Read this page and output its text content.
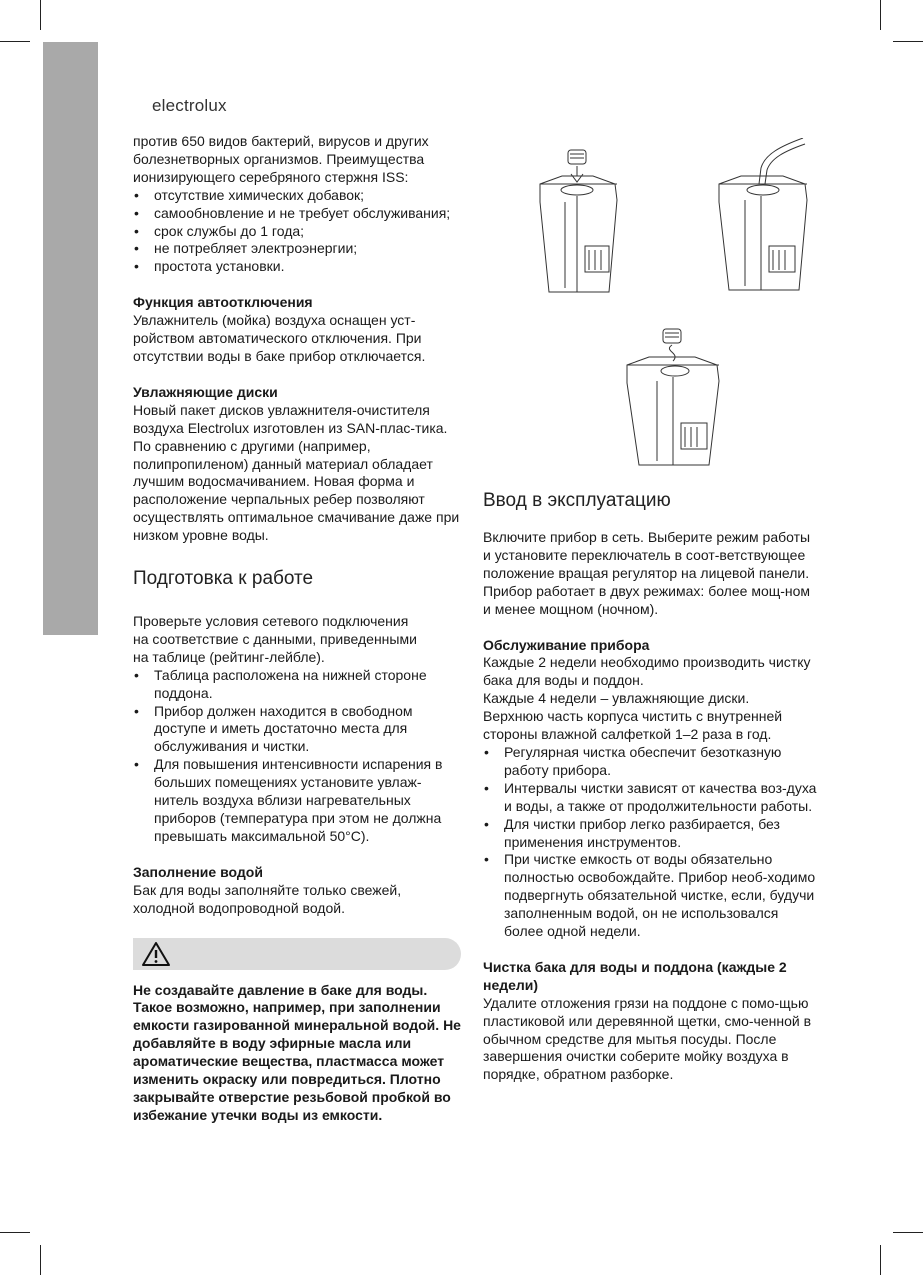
electrolux

против 650 видов бактерий, вирусов и других болезнетворных организмов. Преимущества ионизирующего серебряного стержня ISS:

• отсутствие химических добавок;
• самообновление и не требует обслуживания;
• срок службы до 1 года;
• не потребляет электроэнергии;
• простота установки.
Функция автоотключения

Увлажнитель (мойка) воздуха оснащен уст-ройством автоматического отключения. При отсутствии воды в баке прибор отключается.

Увлажняющие диски

Новый пакет дисков увлажнителя-очистителя воздуха Electrolux изготовлен из SAN-плас-тика. По сравнению с другими (например, полипропиленом) данный материал обладает лучшим водосмачиванием. Новая форма и расположение черпальных ребер позволяют осуществлять оптимальное смачивание даже при низком уровне воды.

Подготовка к работе

Проверьте условия сетевого подключения на соответствие с данными, приведенными на таблице (рейтинг-лейбле).

• Таблица расположена на нижней стороне поддона.
• Прибор должен находится в свободном доступе и иметь достаточно места для обслуживания и чистки.
• Для повышения интенсивности испарения в больших помещениях установите увлаж-нитель воздуха вблизи нагревательных приборов (температура при этом не должна превышать максимальной 50°C).
Заполнение водой

Бак для воды заполняйте только свежей, холодной водопроводной водой.

Не создавайте давление в баке для воды. Такое возможно, например, при заполнении емкости газированной минеральной водой. Не добавляйте в воду эфирные масла или ароматические вещества, пластмасса может изменить окраску или повредиться. Плотно закрывайте отверстие резьбовой пробкой во избежание утечки воды из емкости.

Ввод в эксплуатацию

Включите прибор в сеть. Выберите режим работы и установите переключатель в соот-ветствующее положение вращая регулятор на лицевой панели.

Прибор работает в двух режимах: более мощ-ном и менее мощном (ночном).

Обслуживание прибора

Каждые 2 недели необходимо производить чистку бака для воды и поддон.

Каждые 4 недели – увлажняющие диски.

Верхнюю часть корпуса чистить с внутренней стороны влажной салфеткой 1–2 раза в год.

• Регулярная чистка обеспечит безотказную работу прибора.
• Интервалы чистки зависят от качества воз-духа и воды, а также от продолжительности работы.
• Для чистки прибор легко разбирается, без применения инструментов.
• При чистке емкость от воды обязательно полностью освобождайте. Прибор необ-ходимо подвергнуть обязательной чистке, если, будучи заполненным водой, он не использовался более одной недели.
Чистка бака для воды и поддона (каждые 2 недели)

Удалите отложения грязи на поддоне с помо-щью пластиковой или деревянной щетки, смо-ченной в обычном средстве для мытья посуды. После завершения очистки соберите мойку воздуха в порядке, обратном разборке.
